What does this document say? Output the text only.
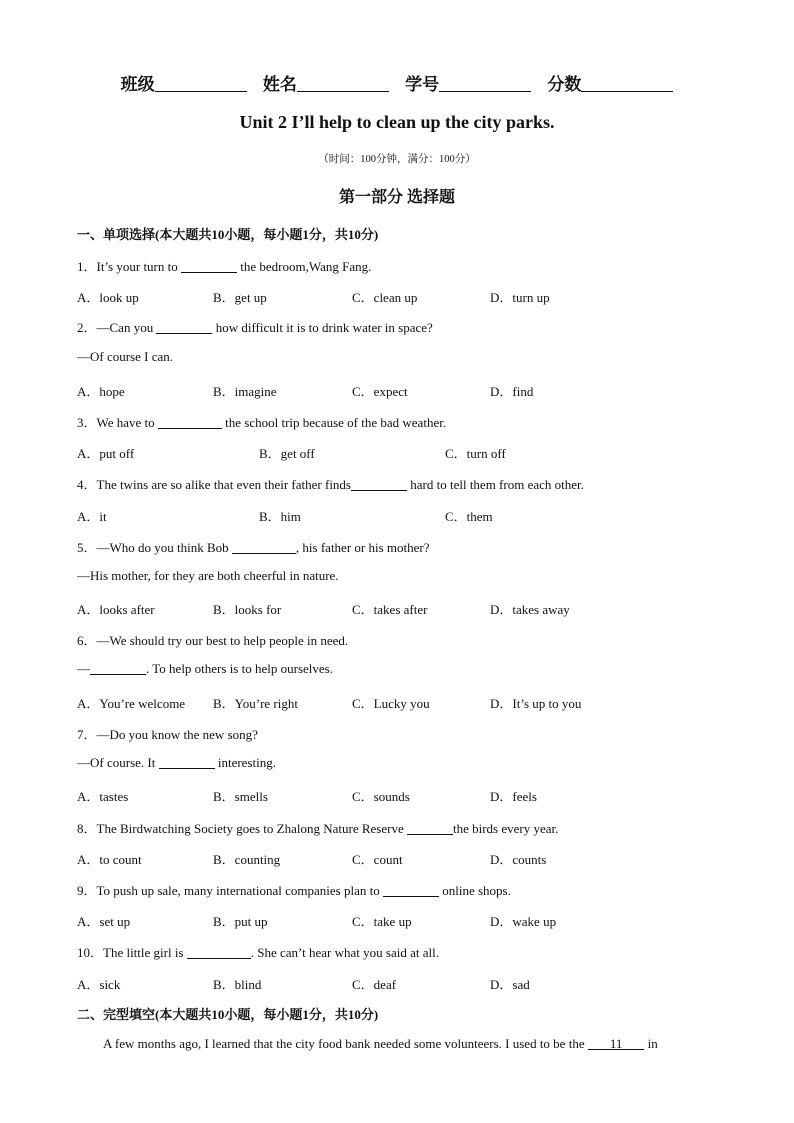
班级	姓名	学号	分数
Unit 2 I’ll help to clean up the city parks.
（时间：100分钟，满分：100分）
第一部分 选择题
一、单项选择(本大题共10小题，每小题1分，共10分)
1．It’s your turn to	the bedroom,Wang Fang.
A．look up	B．get up	C．clean up	D．turn up
2．—Can you	how difficult it is to drink water in space?
—Of course I can.
A．hope	B．imagine	C．expect	D．find
3．We have to	the school trip because of the bad weather.
A．put off	B．get off	C．turn off
4．The twins are so alike that even their father finds	hard to tell them from each other.
A．it	B．him	C．them
5．—Who do you think Bob	, his father or his mother?
—His mother, for they are both cheerful in nature.
A．looks after	B．looks for	C．takes after	D．takes away
6．—We should try our best to help people in need.
—	. To help others is to help ourselves.
A．You’re welcome B．You’re right	C．Lucky you	D．It’s up to you
7．—Do you know the new song?
—Of course. It	interesting.
A．tastes	B．smells	C．sounds	D．feels
8．The Birdwatching Society goes to Zhalong Nature Reserve	the birds every year.
A．to count	B．counting	C．count	D．counts
9．To push up sale, many international companies plan to	online shops.
A．set up	B．put up	C．take up	D．wake up
10．The little girl is	. She can’t hear what you said at all.
A．sick	B．blind	C．deaf	D．sad
二、完型填空(本大题共10小题，每小题1分，共10分)
A few months ago, I learned that the city food bank needed some volunteers. I used to be the 11 in
